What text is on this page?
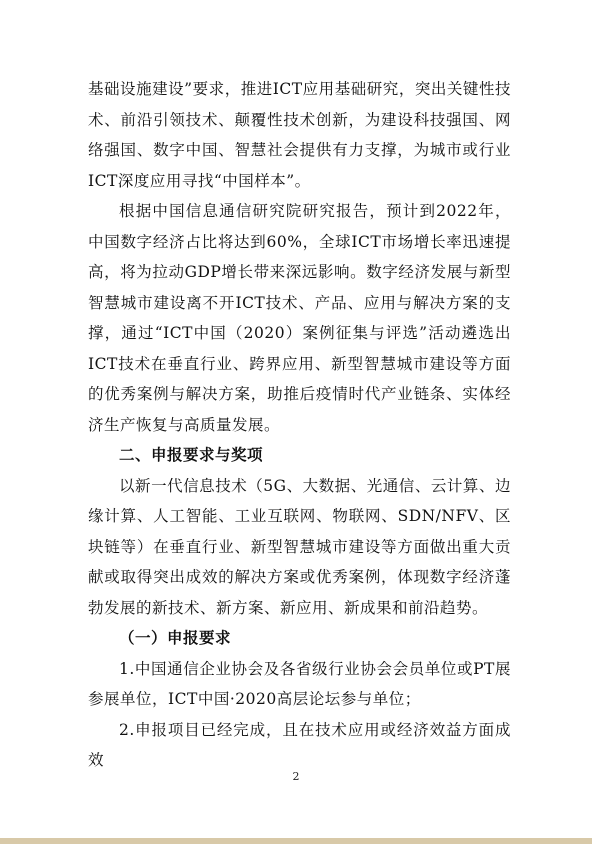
基础设施建设”要求，推进ICT应用基础研究，突出关键性技术、前沿引领技术、颠覆性技术创新，为建设科技强国、网络强国、数字中国、智慧社会提供有力支撑，为城市或行业ICT深度应用寻找“中国样本”。

根据中国信息通信研究院研究报告，预计到2022年，中国数字经济占比将达到60%，全球ICT市场增长率迅速提高，将为拉动GDP增长带来深远影响。数字经济发展与新型智慧城市建设离不开ICT技术、产品、应用与解决方案的支撑，通过“ICT中国（2020）案例征集与评选”活动遴选出ICT技术在垂直行业、跨界应用、新型智慧城市建设等方面的优秀案例与解决方案，助推后疫情时代产业链条、实体经济生产恢复与高质量发展。

二、申报要求与奖项

以新一代信息技术（5G、大数据、光通信、云计算、边缘计算、人工智能、工业互联网、物联网、SDN/NFV、区块链等）在垂直行业、新型智慧城市建设等方面做出重大贡献或取得突出成效的解决方案或优秀案例，体现数字经济蓬勃发展的新技术、新方案、新应用、新成果和前沿趋势。

（一）申报要求

1.中国通信企业协会及各省级行业协会会员单位或PT展参展单位，ICT中国·2020高层论坛参与单位；

2.申报项目已经完成，且在技术应用或经济效益方面成效

2
